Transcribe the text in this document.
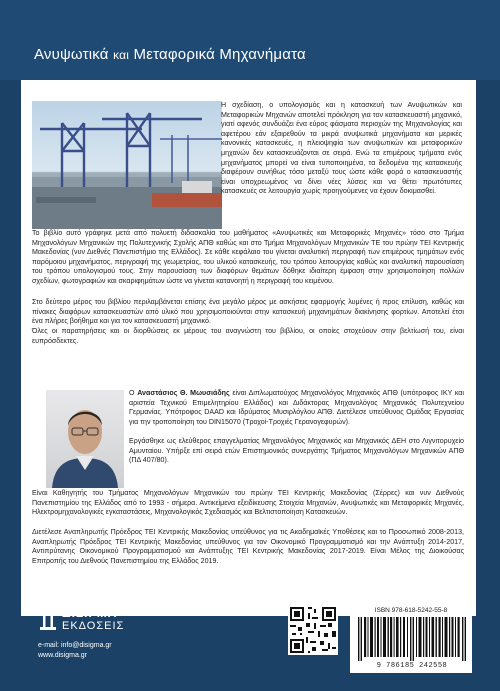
Ανυψωτικά και Μεταφορικά Μηχανήματα

Η σχεδίαση, ο υπολογισμός και η κατασκευή των Ανυψωτικών και Μεταφορικών Μηχανών αποτελεί πρόκληση για τον κατασκευαστή μηχανικό, γιατί αφενός συνδυάζει ένα εύρος φάσματα περιοχών της Μηχανολογίας και αφετέρου εάν εξαιρεθούν τα μικρά ανυψωτικά μηχανήματα και μερικές κανονικές κατασκευές, η πλειοψηφία των ανυψωτικών και μεταφορικών μηχανών δεν κατασκευάζονται σε σειρά. Ενώ τα επιμέρους τμήματα ενός μηχανήματος μπορεί να είναι τυποποιημένα, τα δεδομένα της κατασκευής διαφέρουν συνήθως τόσο μεταξύ τους ώστε κάθε φορά ο κατασκευαστής είναι υποχρεωμένος να δίνει νέες λύσεις και να θέτει πρωτότυπες κατασκευές σε λειτουργία χωρίς προηγούμενες να έχουν δοκιμασθεί.

Το βιβλίο αυτό γράφηκε μετά από πολυετή διδασκαλία του μαθήματος «Ανυψωτικές και Μεταφορικές Μηχανές» τόσο στο Τμήμα Μηχανολόγων Μηχανικών της Πολυτεχνικής Σχολής ΑΠΘ καθώς και στο Τμήμα Μηχανολόγων Μηχανικών ΤΕ του πρώην ΤΕΙ Κεντρικής Μακεδονίας (νυν Διεθνές Πανεπιστήμιο της Ελλάδος). Σε κάθε κεφάλαιο του γίνεται αναλυτική περιγραφή των επιμέρους τμημάτων ενός παρόμοιου μηχανήματος, περιγραφή της γεωμετρίας, του υλικού κατασκευής, του τρόπου λειτουργίας καθώς και αναλυτική παρουσίαση του τρόπου υπολογισμού τους. Στην παρουσίαση των διαφόρων θεμάτων δόθηκε ιδιαίτερη έμφαση στην χρησιμοποίηση πολλών σχεδίων, φωτογραφιών και σκαριφημάτων ώστε να γίνεται κατανοητή η περιγραφή του κειμένου.

Στο δεύτερο μέρος του βιβλίου περιλαμβάνεται επίσης ένα μεγάλο μέρος με ασκήσεις εφαρμογής λυμένες ή προς επίλυση, καθώς και πίνακες διαφόρων κατασκευαστών από υλικό που χρησιμοποιούνται στην κατασκευή μηχανημάτων διακίνησης φορτίων. Αποτελεί έτσι ένα πλήρες βοήθημα και για τον κατασκευαστή μηχανικό.

Όλες οι παρατηρήσεις και οι διορθώσεις εκ μέρους του αναγνώστη του βιβλίου, οι οποίες στοχεύουν στην βελτίωσή του, είναι ευπρόσδεκτες.

Ο Αναστάσιος Θ. Μωυσιάδης είναι Διπλωματούχος Μηχανολόγος Μηχανικός ΑΠΘ (υπότροφος ΙΚΥ και αριστεία Τεχνικού Επιμελητηρίου Ελλάδος) και Διδάκτορας Μηχανολόγος Μηχανικός Πολυτεχνείου Γερμανίας. Υπότροφος DAAD και Ιδρύματος Μυσιρλόγλου ΑΠΘ. Διετέλεσε υπεύθυνος Ομάδας Εργασίας για την τροποποίηση του DIN15070 (Τροχοί-Τροχιές Γερανογεφυρών).

Εργάσθηκε ως ελεύθερος επαγγελματίας Μηχανολόγος Μηχανικός και Μηχανικός ΔΕΗ στο Λιγνιτορυχείο Αμυνταίου. Υπήρξε επί σειρά ετών Επιστημονικός συνεργάτης Τμήματος Μηχανολόγων Μηχανικών ΑΠΘ (ΠΔ 407/80).

Είναι Καθηγητής του Τμήματος Μηχανολόγων Μηχανικών του πρώην ΤΕΙ Κεντρικής Μακεδονίας (Σέρρες) και νυν Διεθνούς Πανεπιστημίου της Ελλάδος από το 1993 - σήμερα. Αντικείμενα εξειδίκευσης Στοιχεία Μηχανών, Ανυψωτικές και Μεταφορικές Μηχανές, Ηλεκτρομηχανολογικές εγκαταστάσεις, Μηχανολογικός Σχεδιασμός και Βελτιστοποίηση Κατασκευών.

Διετέλεσε Αναπληρωτής Πρόεδρος ΤΕΙ Κεντρικής Μακεδονίας υπεύθυνος για τις Ακαδημαϊκές Υποθέσεις και το Προσωπικό 2008-2013, Αναπληρωτής Πρόεδρος ΤΕΙ Κεντρικής Μακεδονίας υπεύθυνος για τον Οικονομικό Προγραμματισμό και την Ανάπτυξη 2014-2017, Αντιπρύτανης Οικονομικού Προγραμματισμού και Ανάπτυξης ΤΕΙ Κεντρικής Μακεδονίας 2017-2019. Είναι Μέλος της Διοικούσας Επιτροπής του Διεθνούς Πανεπιστημίου της Ελλάδος 2019.

ΔΙΣΙΓΜΑ
ΕΚΔΟΣΕΙΣ
e-mail: info@disigma.gr
www.disigma.gr
ISBN 978-618-5242-55-8
9 786185 242558
